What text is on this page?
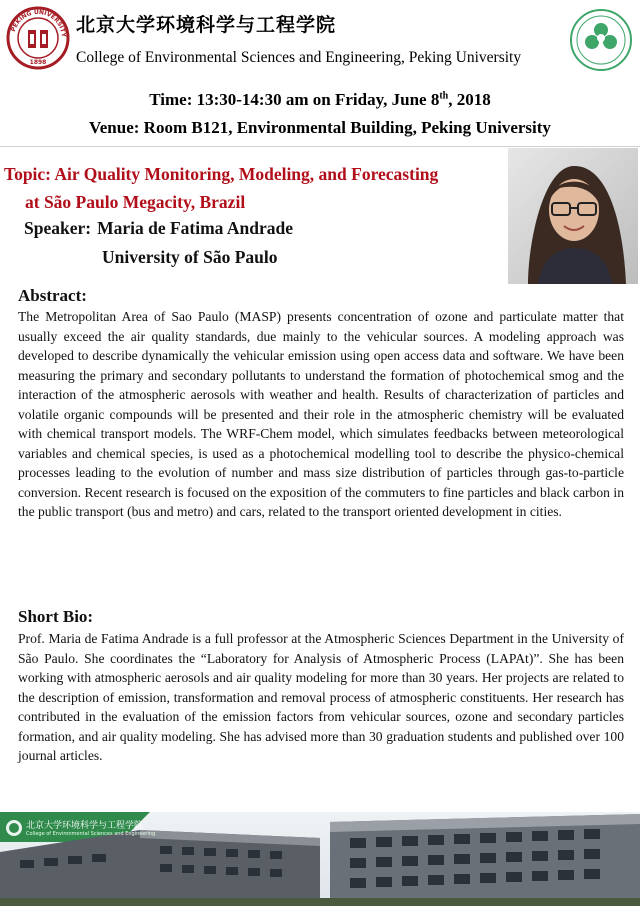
PEKING UNIVERSITY
1898
北京大学环境科学与工程学院
College of Environmental Sciences and Engineering, Peking University
Time: 13:30-14:30 am on Friday, June 8th, 2018
Venue: Room B121, Environmental Building, Peking University
Topic: Air Quality Monitoring, Modeling, and Forecasting
at São Paulo Megacity, Brazil
Speaker: Maria de Fatima Andrade
University of São Paulo
Abstract:
The Metropolitan Area of Sao Paulo (MASP) presents concentration of ozone and particulate matter that usually exceed the air quality standards, due mainly to the vehicular sources. A modeling approach was developed to describe dynamically the vehicular emission using open access data and software. We have been measuring the primary and secondary pollutants to understand the formation of photochemical smog and the interaction of the atmospheric aerosols with weather and health. Results of characterization of particles and volatile organic compounds will be presented and their role in the atmospheric chemistry will be evaluated with chemical transport models. The WRF-Chem model, which simulates feedbacks between meteorological variables and chemical species, is used as a photochemical modelling tool to describe the physico-chemical processes leading to the evolution of number and mass size distribution of particles through gas-to-particle conversion. Recent research is focused on the exposition of the commuters to fine particles and black carbon in the public transport (bus and metro) and cars, related to the transport oriented development in cities.
Short Bio:
Prof. Maria de Fatima Andrade is a full professor at the Atmospheric Sciences Department in the University of São Paulo. She coordinates the “Laboratory for Analysis of Atmospheric Process (LAPAt)”. She has been working with atmospheric aerosols and air quality modeling for more than 30 years. Her projects are related to the description of emission, transformation and removal process of atmospheric constituents. Her research has contributed in the evaluation of the emission factors from vehicular sources, ozone and secondary particles formation, and air quality modeling. She has advised more than 30 graduation students and published over 100 journal articles.
北京大学环境科学与工程学院
College of Environmental Sciences and Engineering
